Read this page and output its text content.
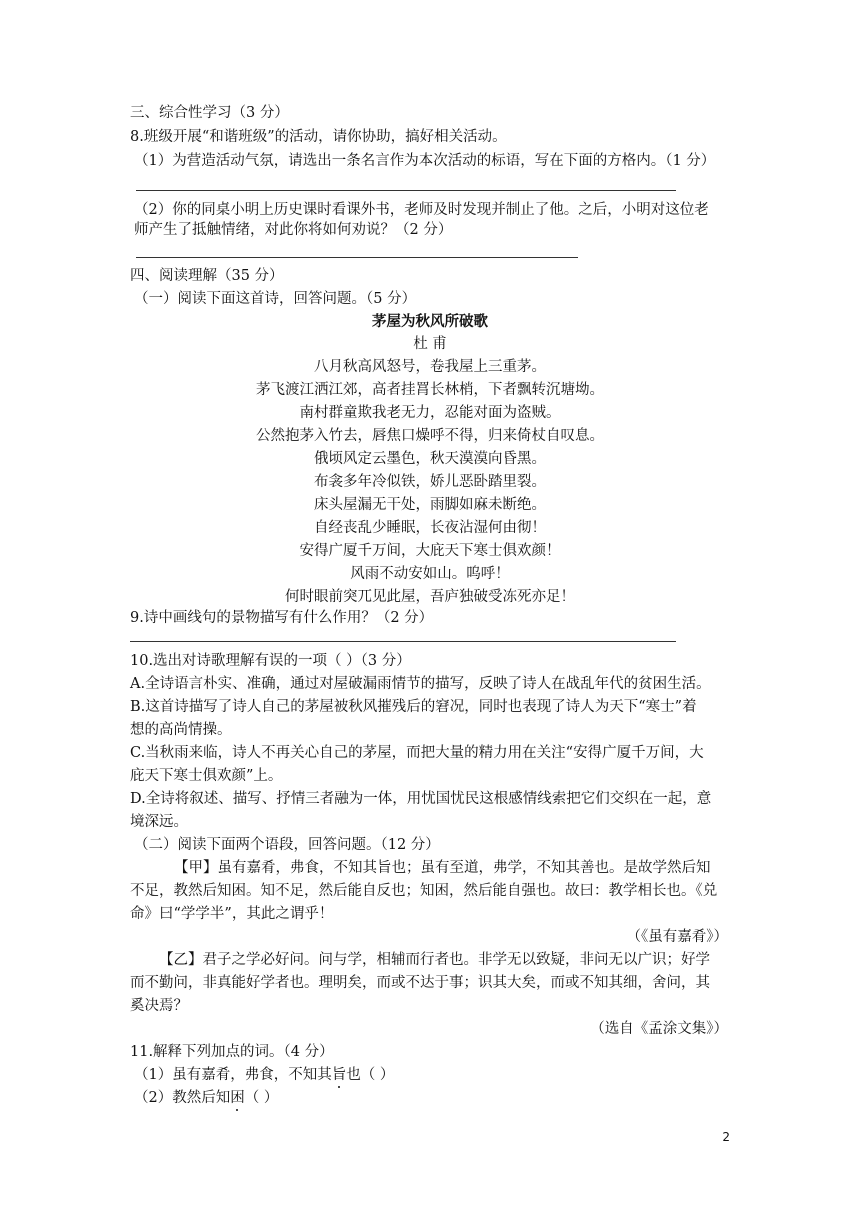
三、综合性学习（3 分）
8.班级开展“和谐班级”的活动，请你协助，搞好相关活动。
（1）为营造活动气氛，请选出一条名言作为本次活动的标语，写在下面的方格内。（1 分）
（2）你的同桌小明上历史课时看课外书，老师及时发现并制止了他。之后，小明对这位老
师产生了抵触情绪，对此你将如何劝说？（2 分）
四、阅读理解（35 分）
（一）阅读下面这首诗，回答问题。（5 分）
茅屋为秋风所破歌
杜 甫
八月秋高风怒号，卷我屋上三重茅。
茅飞渡江洒江郊，高者挂罥长林梢，下者飘转沉塘坳。
南村群童欺我老无力，忍能对面为盗贼。
公然抱茅入竹去，唇焦口燥呼不得，归来倚杖自叹息。
俄顷风定云墨色，秋天漠漠向昏黑。
布衾多年冷似铁，娇儿恶卧踏里裂。
床头屋漏无干处，雨脚如麻未断绝。
自经丧乱少睡眠，长夜沾湿何由彻！
安得广厦千万间，大庇天下寒士俱欢颜！
风雨不动安如山。呜呼！
何时眼前突兀见此屋，吾庐独破受冻死亦足！
9.诗中画线句的景物描写有什么作用？（2 分）
10.选出对诗歌理解有误的一项（ ）（3 分）
A.全诗语言朴实、准确，通过对屋破漏雨情节的描写，反映了诗人在战乱年代的贫困生活。
B.这首诗描写了诗人自己的茅屋被秋风摧残后的窘况，同时也表现了诗人为天下“寒士”着
想的高尚情操。
C.当秋雨来临，诗人不再关心自己的茅屋，而把大量的精力用在关注“安得广厦千万间，大
庇天下寒士俱欢颜”上。
D.全诗将叙述、描写、抒情三者融为一体，用忧国忧民这根感情线索把它们交织在一起，意
境深远。
（二）阅读下面两个语段，回答问题。（12 分）
【甲】虽有嘉肴，弗食，不知其旨也；虽有至道，弗学，不知其善也。是故学然后知
不足，教然后知困。知不足，然后能自反也；知困，然后能自强也。故曰：教学相长也。《兑
命》曰“学学半”，其此之谓乎！
（《虽有嘉肴》）
【乙】君子之学必好问。问与学，相辅而行者也。非学无以致疑，非问无以广识；好学
而不勤问，非真能好学者也。理明矣，而或不达于事；识其大矣，而或不知其细，舍问，其
奚决焉？
（选自《孟涂文集》）
11.解释下列加点的词。（4 分）
（1）虽有嘉肴，弗食，不知其旨也（ ）
（2）教然后知困（ ）
2
